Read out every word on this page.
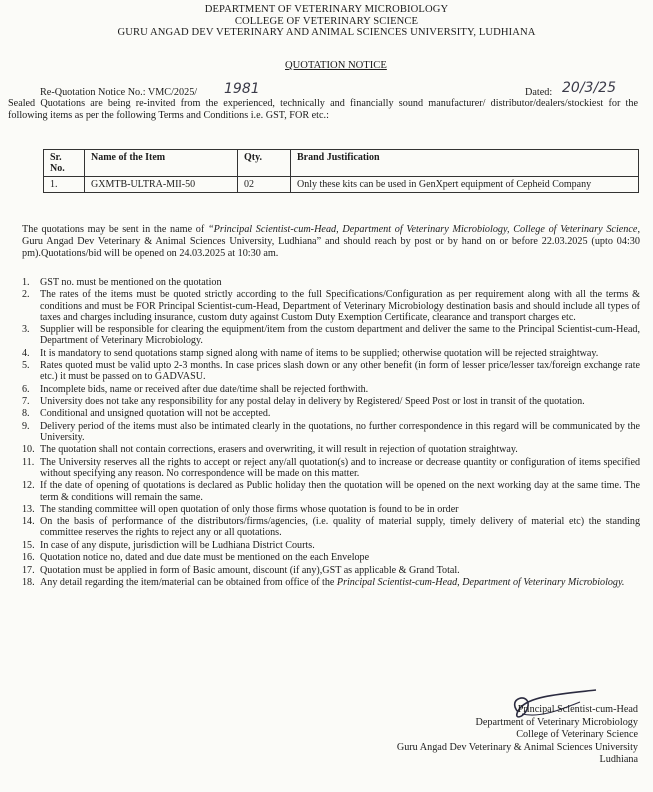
DEPARTMENT OF VETERINARY MICROBIOLOGY
COLLEGE OF VETERINARY SCIENCE
GURU ANGAD DEV VETERINARY AND ANIMAL SCIENCES UNIVERSITY, LUDHIANA
QUOTATION NOTICE
Re-Quotation Notice No.: VMC/2025/ 1981	Dated: 20/3/25
Sealed Quotations are being re-invited from the experienced, technically and financially sound manufacturer/ distributor/dealers/stockiest for the following items as per the following Terms and Conditions i.e. GST, FOR etc.:
Sr. No.	Name of the Item	Qty.	Brand Justification
1.	GXMTB-ULTRA-MII-50	02	Only these kits can be used in GenXpert equipment of Cepheid Company
The quotations may be sent in the name of “Principal Scientist-cum-Head, Department of Veterinary Microbiology, College of Veterinary Science, Guru Angad Dev Veterinary & Animal Sciences University, Ludhiana” and should reach by post or by hand on or before 22.03.2025 (upto 04:30 pm).Quotations/bid will be opened on 24.03.2025 at 10:30 am.
1. GST no. must be mentioned on the quotation
2. The rates of the items must be quoted strictly according to the full Specifications/Configuration as per requirement along with all the terms & conditions and must be FOR Principal Scientist-cum-Head, Department of Veterinary Microbiology destination basis and should include all types of taxes and charges including insurance, custom duty against Custom Duty Exemption Certificate, clearance and transport charges etc.
3. Supplier will be responsible for clearing the equipment/item from the custom department and deliver the same to the Principal Scientist-cum-Head, Department of Veterinary Microbiology.
4. It is mandatory to send quotations stamp signed along with name of items to be supplied; otherwise quotation will be rejected straightway.
5. Rates quoted must be valid upto 2-3 months. In case prices slash down or any other benefit (in form of lesser price/lesser tax/foreign exchange rate etc.) it must be passed on to GADVASU.
6. Incomplete bids, name or received after due date/time shall be rejected forthwith.
7. University does not take any responsibility for any postal delay in delivery by Registered/ Speed Post or lost in transit of the quotation.
8. Conditional and unsigned quotation will not be accepted.
9. Delivery period of the items must also be intimated clearly in the quotations, no further correspondence in this regard will be communicated by the University.
10. The quotation shall not contain corrections, erasers and overwriting, it will result in rejection of quotation straightway.
11. The University reserves all the rights to accept or reject any/all quotation(s) and to increase or decrease quantity or configuration of items specified without specifying any reason. No correspondence will be made on this matter.
12. If the date of opening of quotations is declared as Public holiday then the quotation will be opened on the next working day at the same time. The term & conditions will remain the same.
13. The standing committee will open quotation of only those firms whose quotation is found to be in order
14. On the basis of performance of the distributors/firms/agencies, (i.e. quality of material supply, timely delivery of material etc) the standing committee reserves the rights to reject any or all quotations.
15. In case of any dispute, jurisdiction will be Ludhiana District Courts.
16. Quotation notice no, dated and due date must be mentioned on the each Envelope
17. Quotation must be applied in form of Basic amount, discount (if any),GST as applicable & Grand Total.
18. Any detail regarding the item/material can be obtained from office of the Principal Scientist-cum-Head, Department of Veterinary Microbiology.
Principal Scientist-cum-Head
Department of Veterinary Microbiology
College of Veterinary Science
Guru Angad Dev Veterinary & Animal Sciences University
Ludhiana
